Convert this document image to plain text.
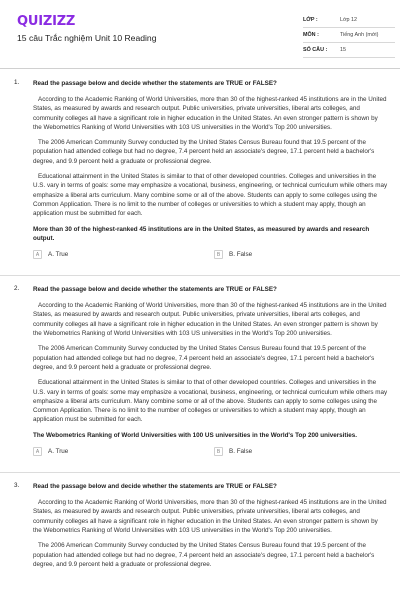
QUIZIZZ
15 câu Trắc nghiệm Unit 10 Reading
LỚP :	Lớp 12
MÔN :	Tiếng Anh (mới)
SỐ CÂU :	15
1. Read the passage below and decide whether the statements are TRUE or FALSE?

According to the Academic Ranking of World Universities, more than 30 of the highest-ranked 45 institutions are in the United States, as measured by awards and research output. Public universities, private universities, liberal arts colleges, and community colleges all have a significant role in higher education in the United States. An even stronger pattern is shown by the Webometrics Ranking of World Universities with 103 US universities in the World's Top 200 universities.

The 2006 American Community Survey conducted by the United States Census Bureau found that 19.5 percent of the population had attended college but had no degree, 7.4 percent held an associate's degree, 17.1 percent held a bachelor's degree, and 9.9 percent held a graduate or professional degree.

Educational attainment in the United States is similar to that of other developed countries. Colleges and universities in the U.S. vary in terms of goals: some may emphasize a vocational, business, engineering, or technical curriculum while others may emphasize a liberal arts curriculum. Many combine some or all of the above. Students can apply to some colleges using the Common Application. There is no limit to the number of colleges or universities to which a student may apply, though an application must be submitted for each.

More than 30 of the highest-ranked 45 institutions are in the United States, as measured by awards and research output.

A	A. True	B	B. False
2. Read the passage below and decide whether the statements are TRUE or FALSE?

According to the Academic Ranking of World Universities, more than 30 of the highest-ranked 45 institutions are in the United States, as measured by awards and research output. Public universities, private universities, liberal arts colleges, and community colleges all have a significant role in higher education in the United States. An even stronger pattern is shown by the Webometrics Ranking of World Universities with 103 US universities in the World's Top 200 universities.

The 2006 American Community Survey conducted by the United States Census Bureau found that 19.5 percent of the population had attended college but had no degree, 7.4 percent held an associate's degree, 17.1 percent held a bachelor's degree, and 9.9 percent held a graduate or professional degree.

Educational attainment in the United States is similar to that of other developed countries. Colleges and universities in the U.S. vary in terms of goals: some may emphasize a vocational, business, engineering, or technical curriculum while others may emphasize a liberal arts curriculum. Many combine some or all of the above. Students can apply to some colleges using the Common Application. There is no limit to the number of colleges or universities to which a student may apply, though an application must be submitted for each.

The Webometrics Ranking of World Universities with 100 US universities in the World's Top 200 universities.

A	A. True	B	B. False
3. Read the passage below and decide whether the statements are TRUE or FALSE?

According to the Academic Ranking of World Universities, more than 30 of the highest-ranked 45 institutions are in the United States, as measured by awards and research output. Public universities, private universities, liberal arts colleges, and community colleges all have a significant role in higher education in the United States. An even stronger pattern is shown by the Webometrics Ranking of World Universities with 103 US universities in the World's Top 200 universities.

The 2006 American Community Survey conducted by the United States Census Bureau found that 19.5 percent of the population had attended college but had no degree, 7.4 percent held an associate's degree, 17.1 percent held a bachelor's degree, and 9.9 percent held a graduate or professional degree.
